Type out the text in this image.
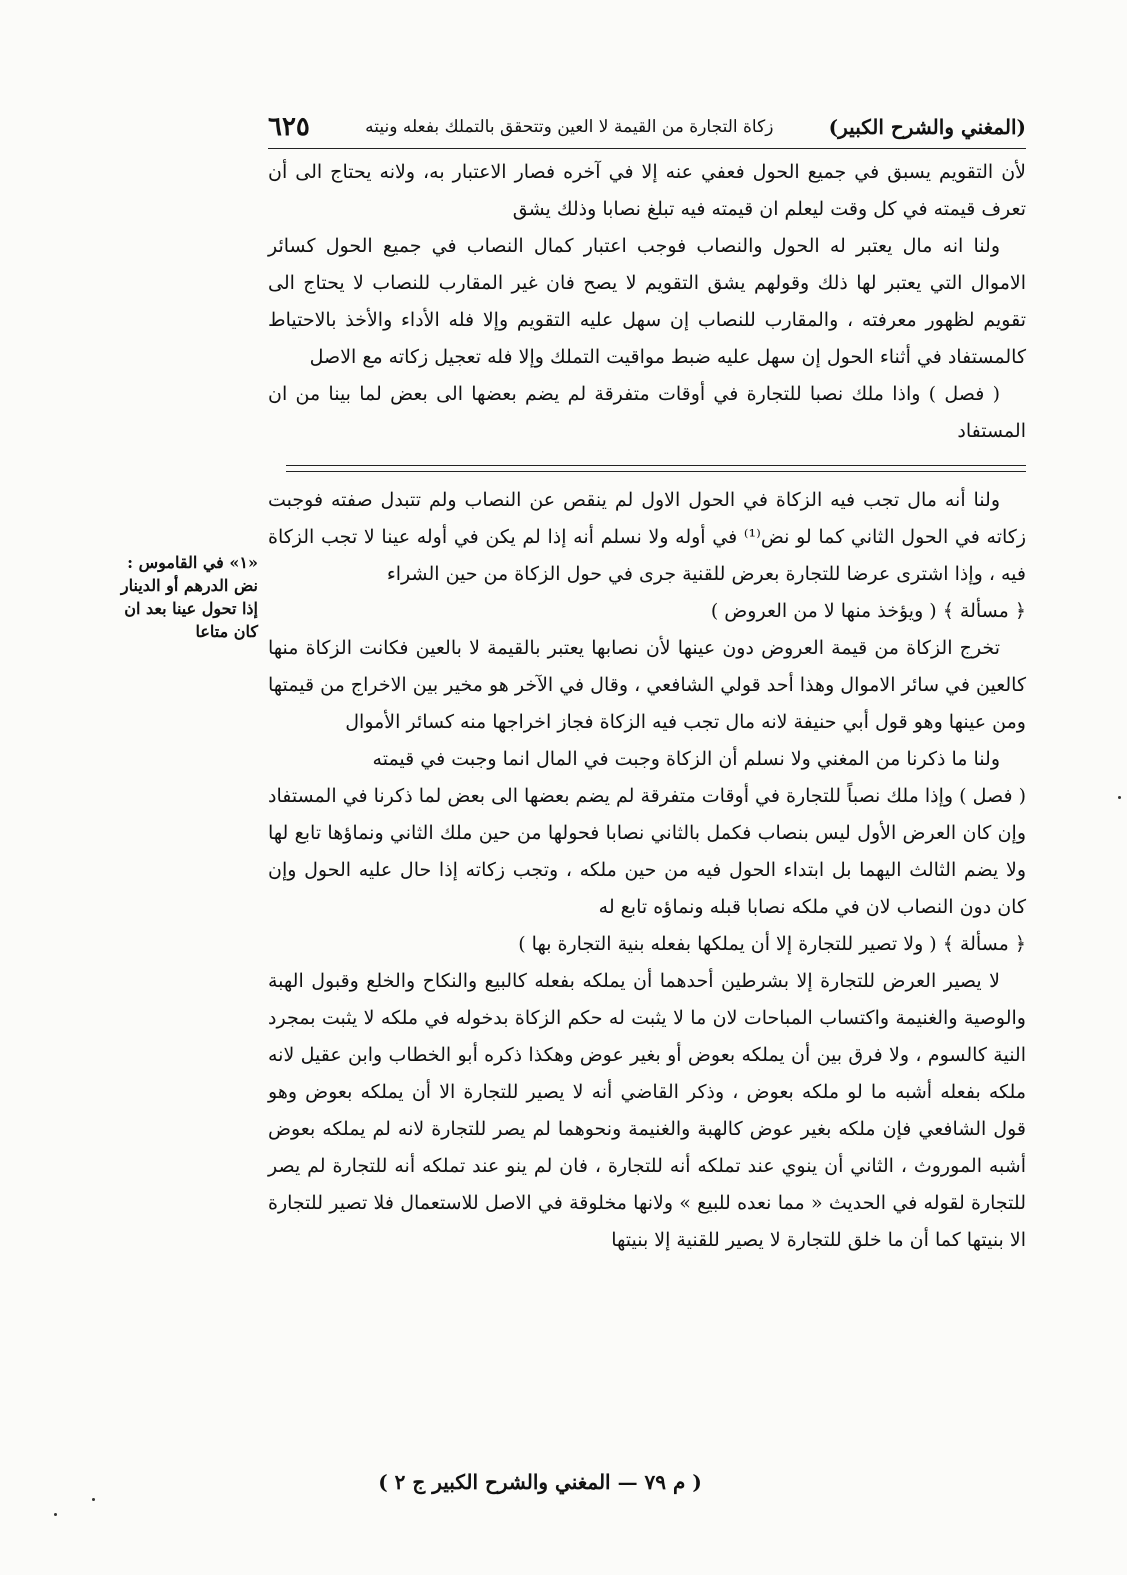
(المغني والشرح الكبير)
زكاة التجارة من القيمة لا العين وتتحقق بالتملك بفعله ونيته
٦٢٥

لأن التقويم يسبق في جميع الحول فعفي عنه إلا في آخره فصار الاعتبار به، ولانه يحتاج الى أن تعرف قيمته في كل وقت ليعلم ان قيمته فيه تبلغ نصابا وذلك يشق

ولنا انه مال يعتبر له الحول والنصاب فوجب اعتبار كمال النصاب في جميع الحول كسائر الاموال التي يعتبر لها ذلك وقولهم يشق التقويم لا يصح فان غير المقارب للنصاب لا يحتاج الى تقويم لظهور معرفته ، والمقارب للنصاب إن سهل عليه التقويم وإلا فله الأداء والأخذ بالاحتياط كالمستفاد في أثناء الحول إن سهل عليه ضبط مواقيت التملك وإلا فله تعجيل زكاته مع الاصل

( فصل ) واذا ملك نصبا للتجارة في أوقات متفرقة لم يضم بعضها الى بعض لما بينا من ان المستفاد

ولنا أنه مال تجب فيه الزكاة في الحول الاول لم ينقص عن النصاب ولم تتبدل صفته فوجبت زكاته في الحول الثاني كما لو نض⁽¹⁾ في أوله ولا نسلم أنه إذا لم يكن في أوله عينا لا تجب الزكاة فيه ، وإذا اشترى عرضا للتجارة بعرض للقنية جرى في حول الزكاة من حين الشراء

﴿ مسألة ﴾ ( ويؤخذ منها لا من العروض )

تخرج الزكاة من قيمة العروض دون عينها لأن نصابها يعتبر بالقيمة لا بالعين فكانت الزكاة منها كالعين في سائر الاموال وهذا أحد قولي الشافعي ، وقال في الآخر هو مخير بين الاخراج من قيمتها ومن عينها وهو قول أبي حنيفة لانه مال تجب فيه الزكاة فجاز اخراجها منه كسائر الأموال

ولنا ما ذكرنا من المغني ولا نسلم أن الزكاة وجبت في المال انما وجبت في قيمته

( فصل ) وإذا ملك نصباً للتجارة في أوقات متفرقة لم يضم بعضها الى بعض لما ذكرنا في المستفاد وإن كان العرض الأول ليس بنصاب فكمل بالثاني نصابا فحولها من حين ملك الثاني ونماؤها تابع لها ولا يضم الثالث اليهما بل ابتداء الحول فيه من حين ملكه ، وتجب زكاته إذا حال عليه الحول وإن كان دون النصاب لان في ملكه نصابا قبله ونماؤه تابع له

﴿ مسألة ﴾ ( ولا تصير للتجارة إلا أن يملكها بفعله بنية التجارة بها )

لا يصير العرض للتجارة إلا بشرطين أحدهما أن يملكه بفعله كالبيع والنكاح والخلع وقبول الهبة والوصية والغنيمة واكتساب المباحات لان ما لا يثبت له حكم الزكاة بدخوله في ملكه لا يثبت بمجرد النية كالسوم ، ولا فرق بين أن يملكه بعوض أو بغير عوض وهكذا ذكره أبو الخطاب وابن عقيل لانه ملكه بفعله أشبه ما لو ملكه بعوض ، وذكر القاضي أنه لا يصير للتجارة الا أن يملكه بعوض وهو قول الشافعي فإن ملكه بغير عوض كالهبة والغنيمة ونحوهما لم يصر للتجارة لانه لم يملكه بعوض أشبه الموروث ، الثاني أن ينوي عند تملكه أنه للتجارة ، فان لم ينو عند تملكه أنه للتجارة لم يصر للتجارة لقوله في الحديث « مما نعده للبيع » ولانها مخلوقة في الاصل للاستعمال فلا تصير للتجارة الا بنيتها كما أن ما خلق للتجارة لا يصير للقنية إلا بنيتها

«١» في القاموس : نض الدرهم أو الدينار إذا تحول عينا بعد ان كان متاعا
( م ٧٩ — المغني والشرح الكبير ج ٢ )
